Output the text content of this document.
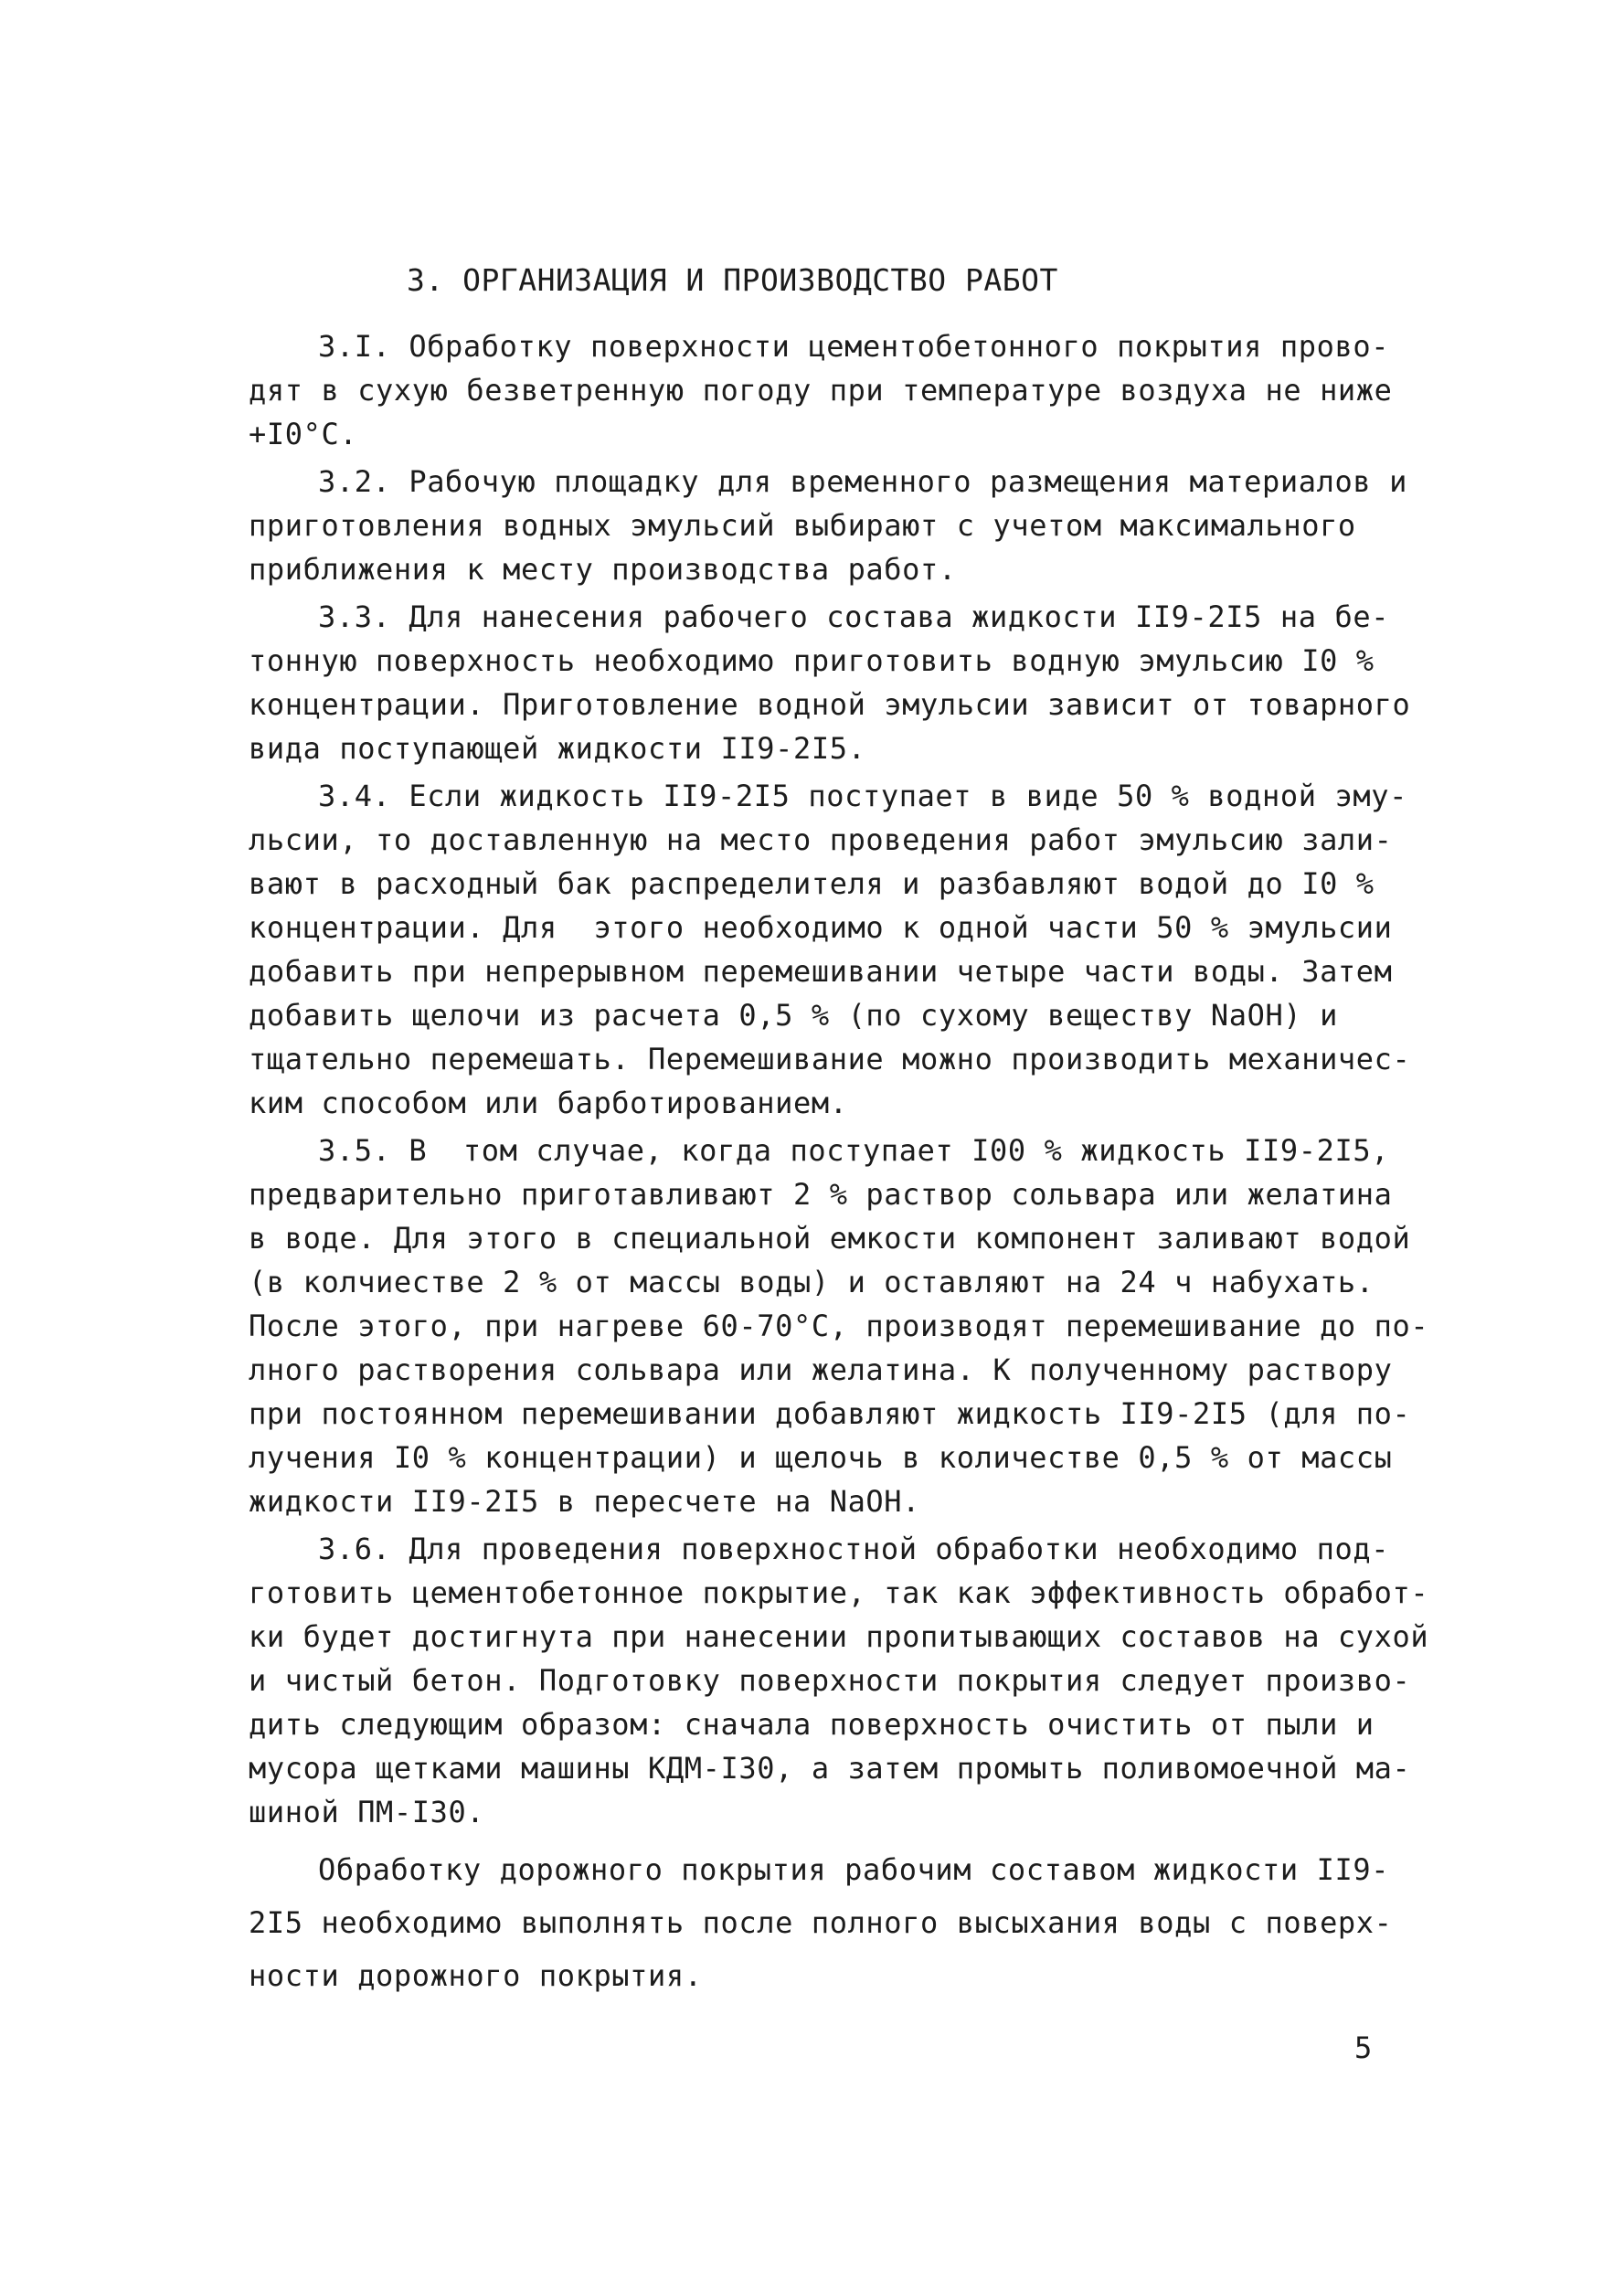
3. ОРГАНИЗАЦИЯ И ПРОИЗВОДСТВО РАБОТ
3.I. Обработку поверхности цементобетонного покрытия прово-
дят в сухую безветренную погоду при температуре воздуха не ниже
+I0°С.
3.2. Рабочую площадку для временного размещения материалов и
приготовления водных эмульсий выбирают с учетом максимального
приближения к месту производства работ.
3.3. Для нанесения рабочего состава жидкости II9-2I5 на бе-
тонную поверхность необходимо приготовить водную эмульсию I0 %
концентрации. Приготовление водной эмульсии зависит от товарного
вида поступающей жидкости II9-2I5.
3.4. Если жидкость II9-2I5 поступает в виде 50 % водной эму-
льсии, то доставленную на место проведения работ эмульсию зали-
вают в расходный бак распределителя и разбавляют водой до I0 %
концентрации. Для  этого необходимо к одной части 50 % эмульсии
добавить при непрерывном перемешивании четыре части воды. Затем
добавить щелочи из расчета 0,5 % (по сухому веществу NaOH) и
тщательно перемешать. Перемешивание можно производить механичес-
ким способом или барботированием.
3.5. В  том случае, когда поступает I00 % жидкость II9-2I5,
предварительно приготавливают 2 % раствор сольвара или желатина
в воде. Для этого в специальной емкости компонент заливают водой
(в колчиестве 2 % от массы воды) и оставляют на 24 ч набухать.
После этого, при нагреве 60-70°С, производят перемешивание до по-
лного растворения сольвара или желатина. К полученному раствору
при постоянном перемешивании добавляют жидкость II9-2I5 (для по-
лучения I0 % концентрации) и щелочь в количестве 0,5 % от массы
жидкости II9-2I5 в пересчете на NaOH.
3.6. Для проведения поверхностной обработки необходимо под-
готовить цементобетонное покрытие, так как эффективность обработ-
ки будет достигнута при нанесении пропитывающих составов на сухой
и чистый бетон. Подготовку поверхности покрытия следует произво-
дить следующим образом: сначала поверхность очистить от пыли и
мусора щетками машины КДМ-I30, а затем промыть поливомоечной ма-
шиной ПМ-I30.
Обработку дорожного покрытия рабочим составом жидкости II9-
2I5 необходимо выполнять после полного высыхания воды с поверх-
ности дорожного покрытия.
5
